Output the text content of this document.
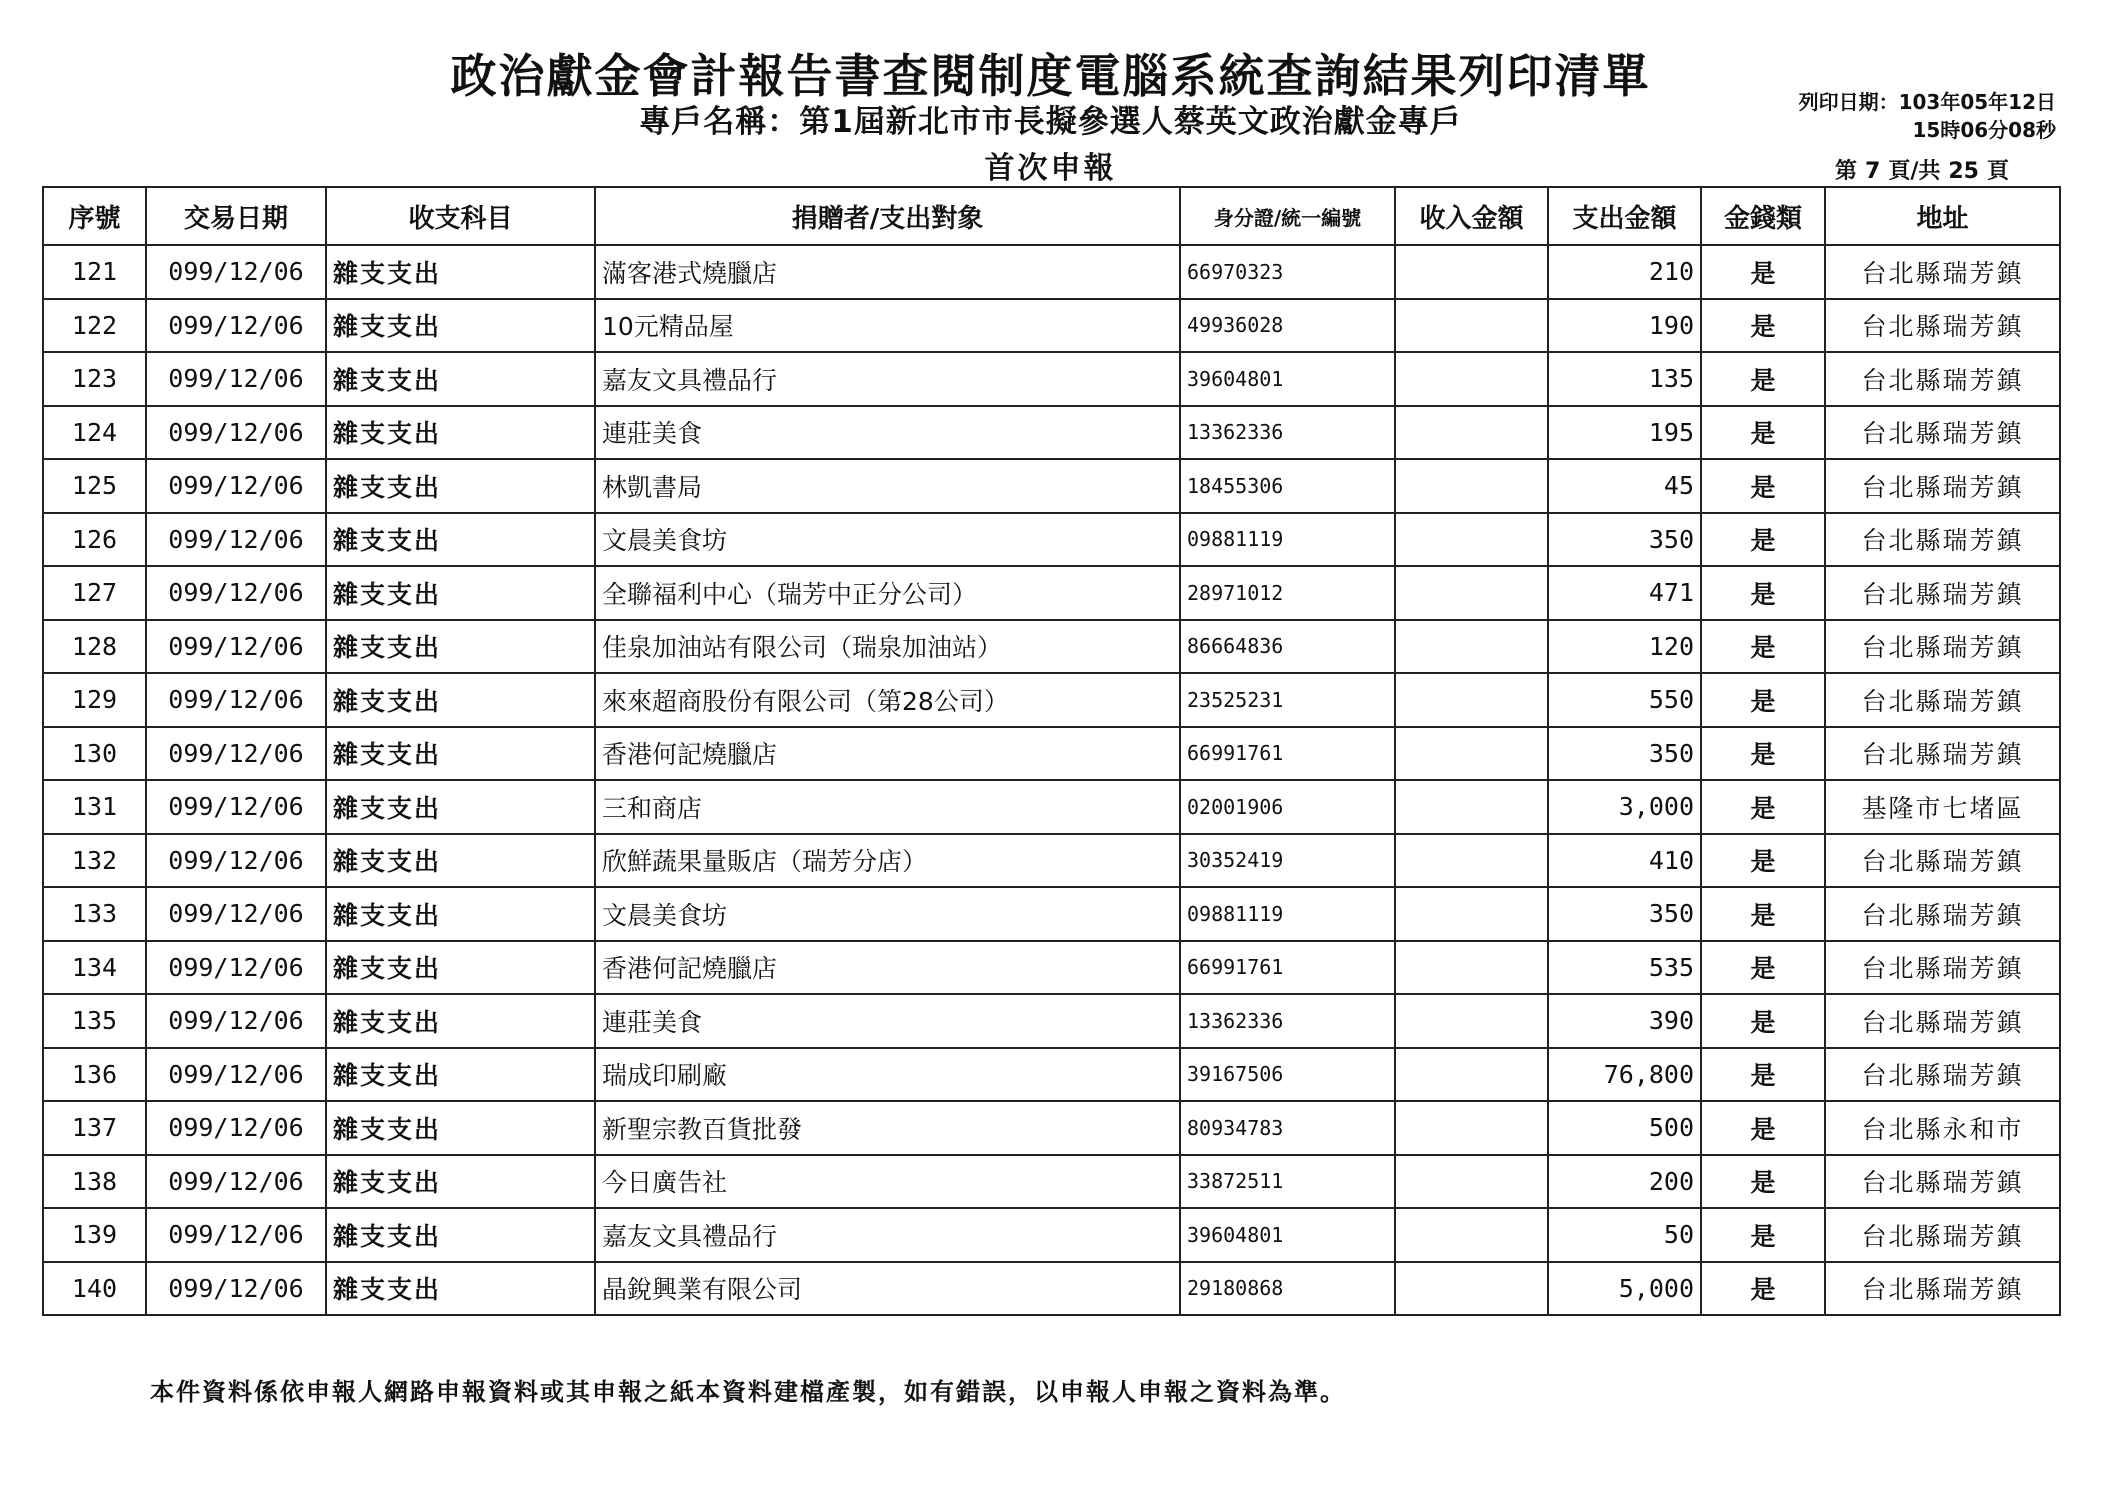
政治獻金會計報告書查閱制度電腦系統查詢結果列印清單
專戶名稱：第1屆新北市市長擬參選人蔡英文政治獻金專戶
首次申報
列印日期：103年05年12日
15時06分08秒
第 7 頁/共 25 頁
序號	交易日期	收支科目	捐贈者/支出對象	身分證/統一編號	收入金額	支出金額	金錢類	地址
121	099/12/06	雜支支出	滿客港式燒臘店	66970323		210	是	台北縣瑞芳鎮
122	099/12/06	雜支支出	10元精品屋	49936028		190	是	台北縣瑞芳鎮
123	099/12/06	雜支支出	嘉友文具禮品行	39604801		135	是	台北縣瑞芳鎮
124	099/12/06	雜支支出	連莊美食	13362336		195	是	台北縣瑞芳鎮
125	099/12/06	雜支支出	林凱書局	18455306		45	是	台北縣瑞芳鎮
126	099/12/06	雜支支出	文晨美食坊	09881119		350	是	台北縣瑞芳鎮
127	099/12/06	雜支支出	全聯福利中心（瑞芳中正分公司）	28971012		471	是	台北縣瑞芳鎮
128	099/12/06	雜支支出	佳泉加油站有限公司（瑞泉加油站）	86664836		120	是	台北縣瑞芳鎮
129	099/12/06	雜支支出	來來超商股份有限公司（第28公司）	23525231		550	是	台北縣瑞芳鎮
130	099/12/06	雜支支出	香港何記燒臘店	66991761		350	是	台北縣瑞芳鎮
131	099/12/06	雜支支出	三和商店	02001906		3,000	是	基隆市七堵區
132	099/12/06	雜支支出	欣鮮蔬果量販店（瑞芳分店）	30352419		410	是	台北縣瑞芳鎮
133	099/12/06	雜支支出	文晨美食坊	09881119		350	是	台北縣瑞芳鎮
134	099/12/06	雜支支出	香港何記燒臘店	66991761		535	是	台北縣瑞芳鎮
135	099/12/06	雜支支出	連莊美食	13362336		390	是	台北縣瑞芳鎮
136	099/12/06	雜支支出	瑞成印刷廠	39167506		76,800	是	台北縣瑞芳鎮
137	099/12/06	雜支支出	新聖宗教百貨批發	80934783		500	是	台北縣永和市
138	099/12/06	雜支支出	今日廣告社	33872511		200	是	台北縣瑞芳鎮
139	099/12/06	雜支支出	嘉友文具禮品行	39604801		50	是	台北縣瑞芳鎮
140	099/12/06	雜支支出	晶銳興業有限公司	29180868		5,000	是	台北縣瑞芳鎮
本件資料係依申報人網路申報資料或其申報之紙本資料建檔產製，如有錯誤，以申報人申報之資料為準。
